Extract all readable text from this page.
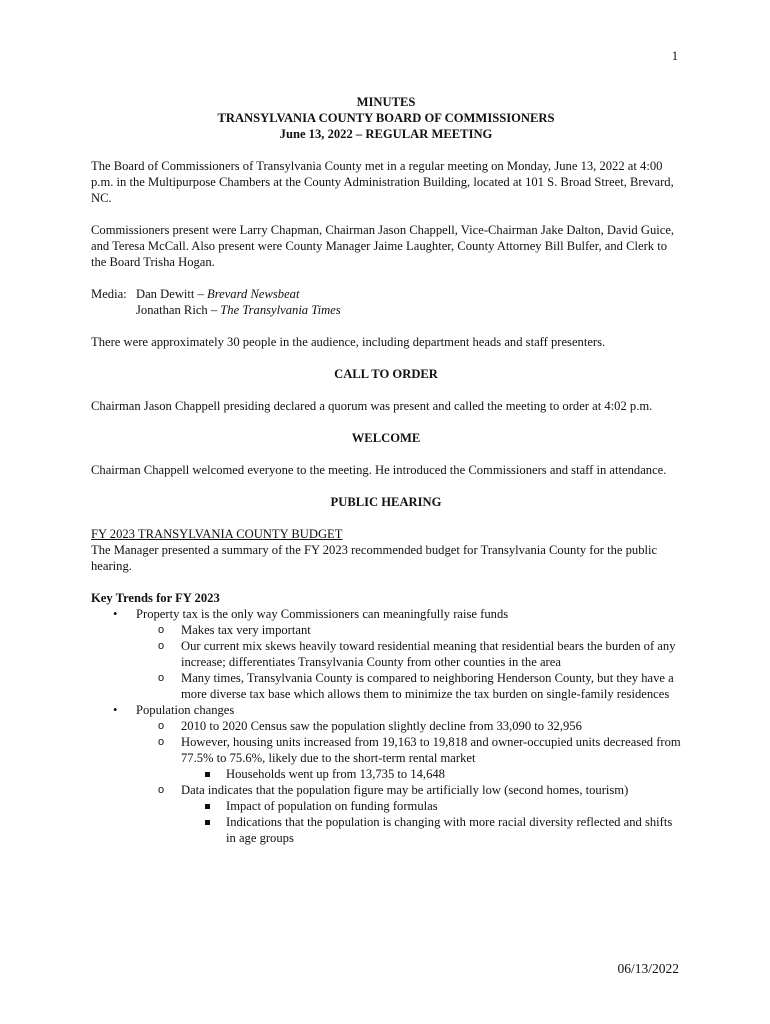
1
MINUTES
TRANSYLVANIA COUNTY BOARD OF COMMISSIONERS
June 13, 2022 – REGULAR MEETING

The Board of Commissioners of Transylvania County met in a regular meeting on Monday, June 13, 2022 at 4:00 p.m. in the Multipurpose Chambers at the County Administration Building, located at 101 S. Broad Street, Brevard, NC.

Commissioners present were Larry Chapman, Chairman Jason Chappell, Vice-Chairman Jake Dalton, David Guice, and Teresa McCall. Also present were County Manager Jaime Laughter, County Attorney Bill Bulfer, and Clerk to the Board Trisha Hogan.

Media: Dan Dewitt – Brevard Newsbeat
Jonathan Rich – The Transylvania Times

There were approximately 30 people in the audience, including department heads and staff presenters.

CALL TO ORDER

Chairman Jason Chappell presiding declared a quorum was present and called the meeting to order at 4:02 p.m.

WELCOME

Chairman Chappell welcomed everyone to the meeting. He introduced the Commissioners and staff in attendance.

PUBLIC HEARING
FY 2023 TRANSYLVANIA COUNTY BUDGET

The Manager presented a summary of the FY 2023 recommended budget for Transylvania County for the public hearing.

Key Trends for FY 2023
• Property tax is the only way Commissioners can meaningfully raise funds
o Makes tax very important
o Our current mix skews heavily toward residential meaning that residential bears the burden of any increase; differentiates Transylvania County from other counties in the area
o Many times, Transylvania County is compared to neighboring Henderson County, but they have a more diverse tax base which allows them to minimize the tax burden on single-family residences
• Population changes
o 2010 to 2020 Census saw the population slightly decline from 33,090 to 32,956
o However, housing units increased from 19,163 to 19,818 and owner-occupied units decreased from 77.5% to 75.6%, likely due to the short-term rental market
Households went up from 13,735 to 14,648
o Data indicates that the population figure may be artificially low (second homes, tourism)
Impact of population on funding formulas
Indications that the population is changing with more racial diversity reflected and shifts in age groups
06/13/2022
